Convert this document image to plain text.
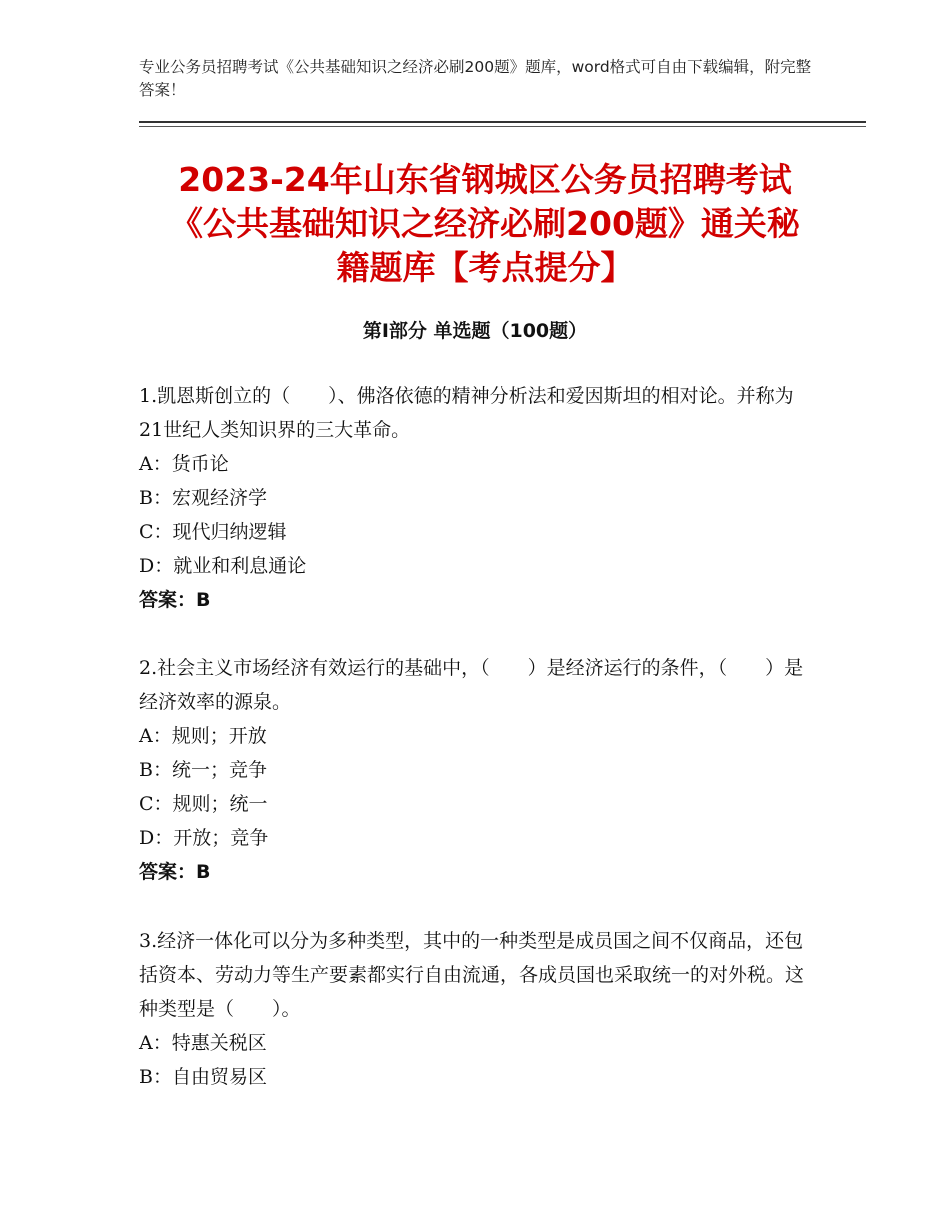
专业公务员招聘考试《公共基础知识之经济必刷200题》题库，word格式可自由下载编辑，附完整答案！
2023-24年山东省钢城区公务员招聘考试
《公共基础知识之经济必刷200题》通关秘
籍题库【考点提分】
第Ⅰ部分 单选题（100题）

1.凯恩斯创立的（　　）、佛洛依德的精神分析法和爱因斯坦的相对论。并称为21世纪人类知识界的三大革命。

A：货币论

B：宏观经济学

C：现代归纳逻辑

D：就业和利息通论

答案：B

2.社会主义市场经济有效运行的基础中，（　　）是经济运行的条件，（　　）是经济效率的源泉。

A：规则；开放

B：统一；竞争

C：规则；统一

D：开放；竞争

答案：B

3.经济一体化可以分为多种类型，其中的一种类型是成员国之间不仅商品，还包括资本、劳动力等生产要素都实行自由流通，各成员国也采取统一的对外税。这种类型是（　　）。

A：特惠关税区

B：自由贸易区
